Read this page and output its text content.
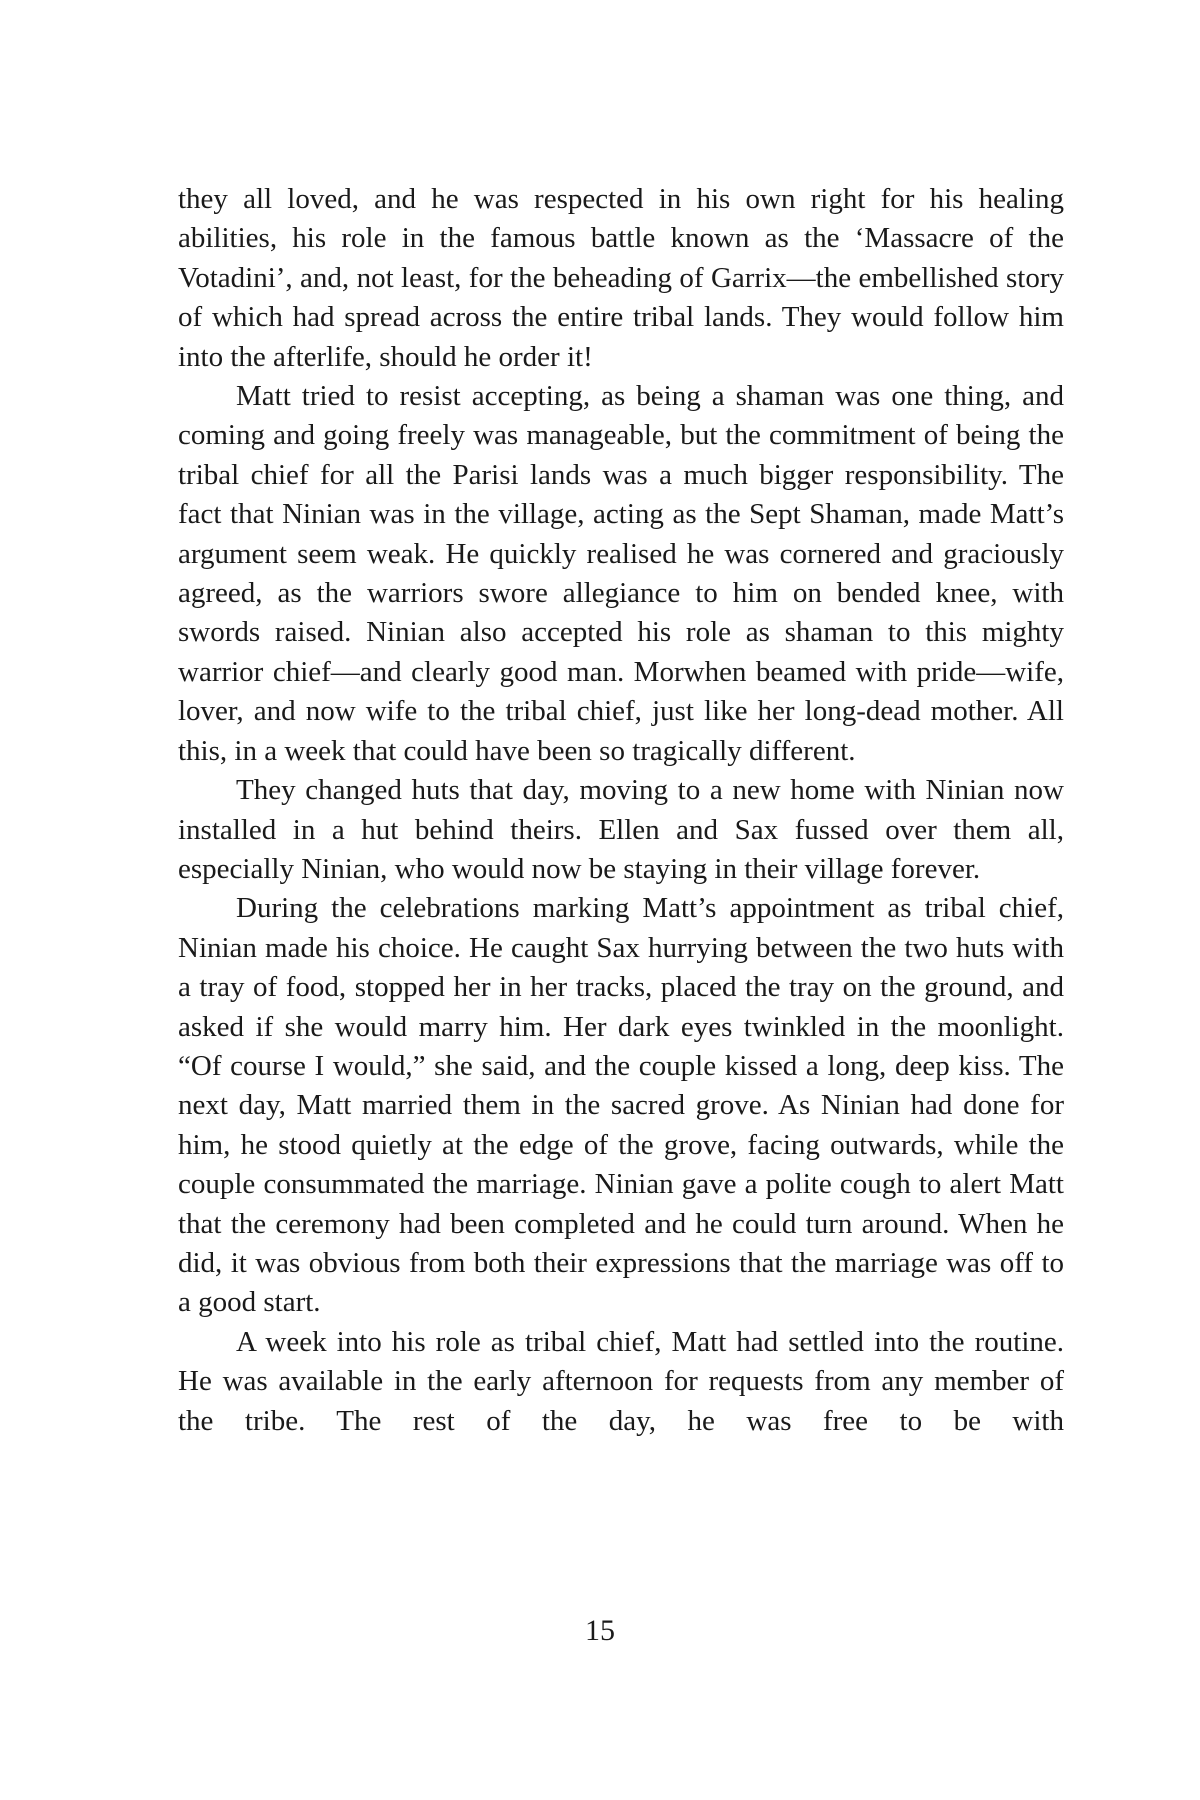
they all loved, and he was respected in his own right for his healing abilities, his role in the famous battle known as the ‘Massacre of the Votadini’, and, not least, for the beheading of Garrix—the embellished story of which had spread across the entire tribal lands. They would follow him into the afterlife, should he order it!

Matt tried to resist accepting, as being a shaman was one thing, and coming and going freely was manageable, but the commitment of being the tribal chief for all the Parisi lands was a much bigger responsibility. The fact that Ninian was in the village, acting as the Sept Shaman, made Matt’s argument seem weak. He quickly realised he was cornered and graciously agreed, as the warriors swore allegiance to him on bended knee, with swords raised. Ninian also accepted his role as shaman to this mighty warrior chief—and clearly good man. Morwhen beamed with pride—wife, lover, and now wife to the tribal chief, just like her long-dead mother. All this, in a week that could have been so tragically different.

They changed huts that day, moving to a new home with Ninian now installed in a hut behind theirs. Ellen and Sax fussed over them all, especially Ninian, who would now be staying in their village forever.

During the celebrations marking Matt’s appointment as tribal chief, Ninian made his choice. He caught Sax hurrying between the two huts with a tray of food, stopped her in her tracks, placed the tray on the ground, and asked if she would marry him. Her dark eyes twinkled in the moonlight. “Of course I would,” she said, and the couple kissed a long, deep kiss. The next day, Matt married them in the sacred grove. As Ninian had done for him, he stood quietly at the edge of the grove, facing outwards, while the couple consummated the marriage. Ninian gave a polite cough to alert Matt that the ceremony had been completed and he could turn around. When he did, it was obvious from both their expressions that the marriage was off to a good start.

A week into his role as tribal chief, Matt had settled into the routine. He was available in the early afternoon for requests from any member of the tribe. The rest of the day, he was free to be with

15
